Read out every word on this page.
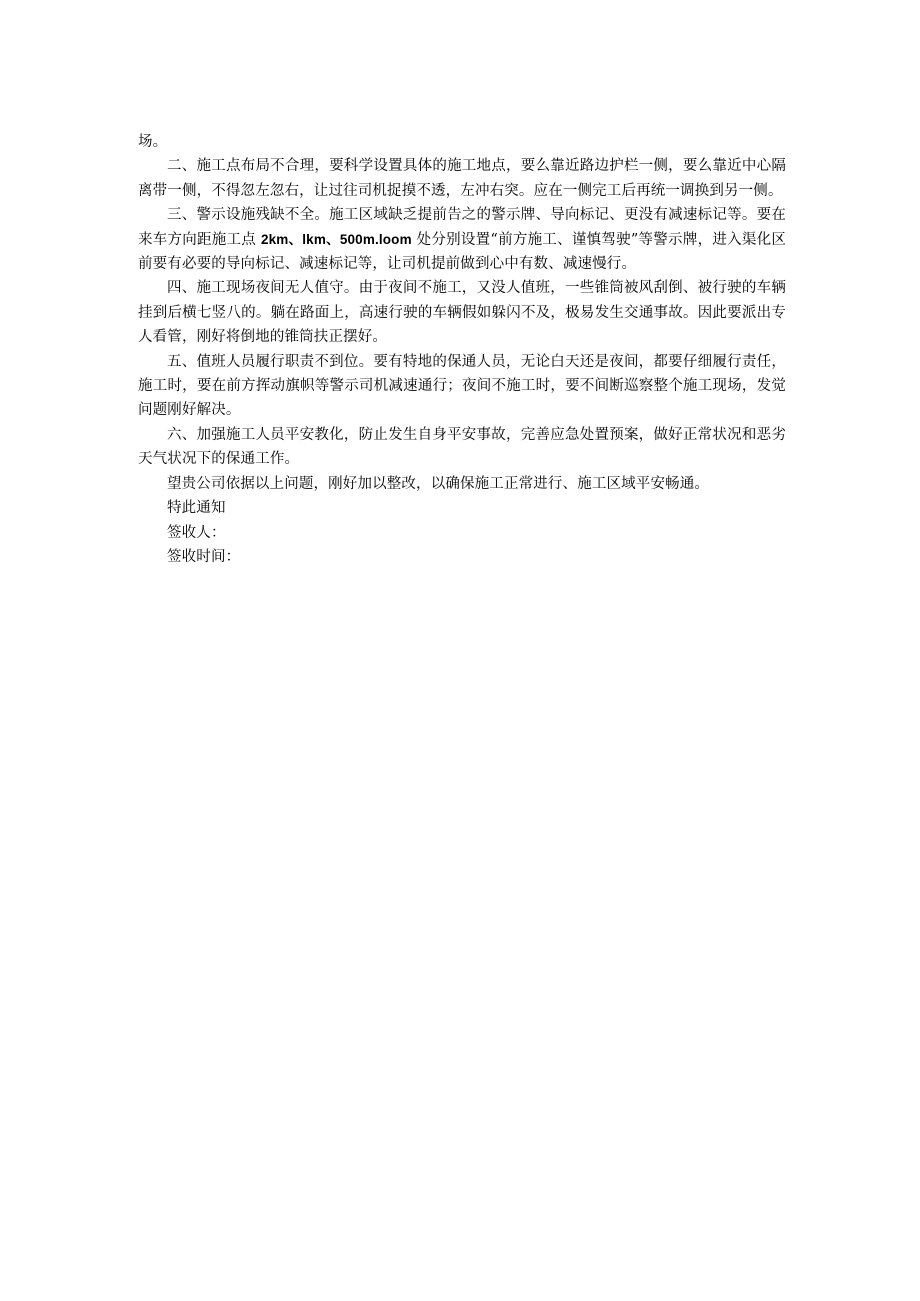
场。

二、施工点布局不合理，要科学设置具体的施工地点，要么靠近路边护栏一侧，要么靠近中心隔离带一侧，不得忽左忽右，让过往司机捉摸不透，左冲右突。应在一侧完工后再统一调换到另一侧。

三、警示设施残缺不全。施工区域缺乏提前告之的警示牌、导向标记、更没有减速标记等。要在来车方向距施工点 2km、lkm、500m.loom 处分别设置“前方施工、谨慎驾驶”等警示牌，进入渠化区前要有必要的导向标记、减速标记等，让司机提前做到心中有数、减速慢行。

四、施工现场夜间无人值守。由于夜间不施工，又没人值班，一些锥筒被风刮倒、被行驶的车辆挂到后横七竖八的。躺在路面上，高速行驶的车辆假如躲闪不及，极易发生交通事故。因此要派出专人看管，刚好将倒地的锥筒扶正摆好。

五、值班人员履行职责不到位。要有特地的保通人员，无论白天还是夜间，都要仔细履行责任，施工时，要在前方挥动旗帜等警示司机减速通行；夜间不施工时，要不间断巡察整个施工现场，发觉问题刚好解决。

六、加强施工人员平安教化，防止发生自身平安事故，完善应急处置预案，做好正常状况和恶劣天气状况下的保通工作。

望贵公司依据以上问题，刚好加以整改，以确保施工正常进行、施工区域平安畅通。

特此通知

签收人：

签收时间：
